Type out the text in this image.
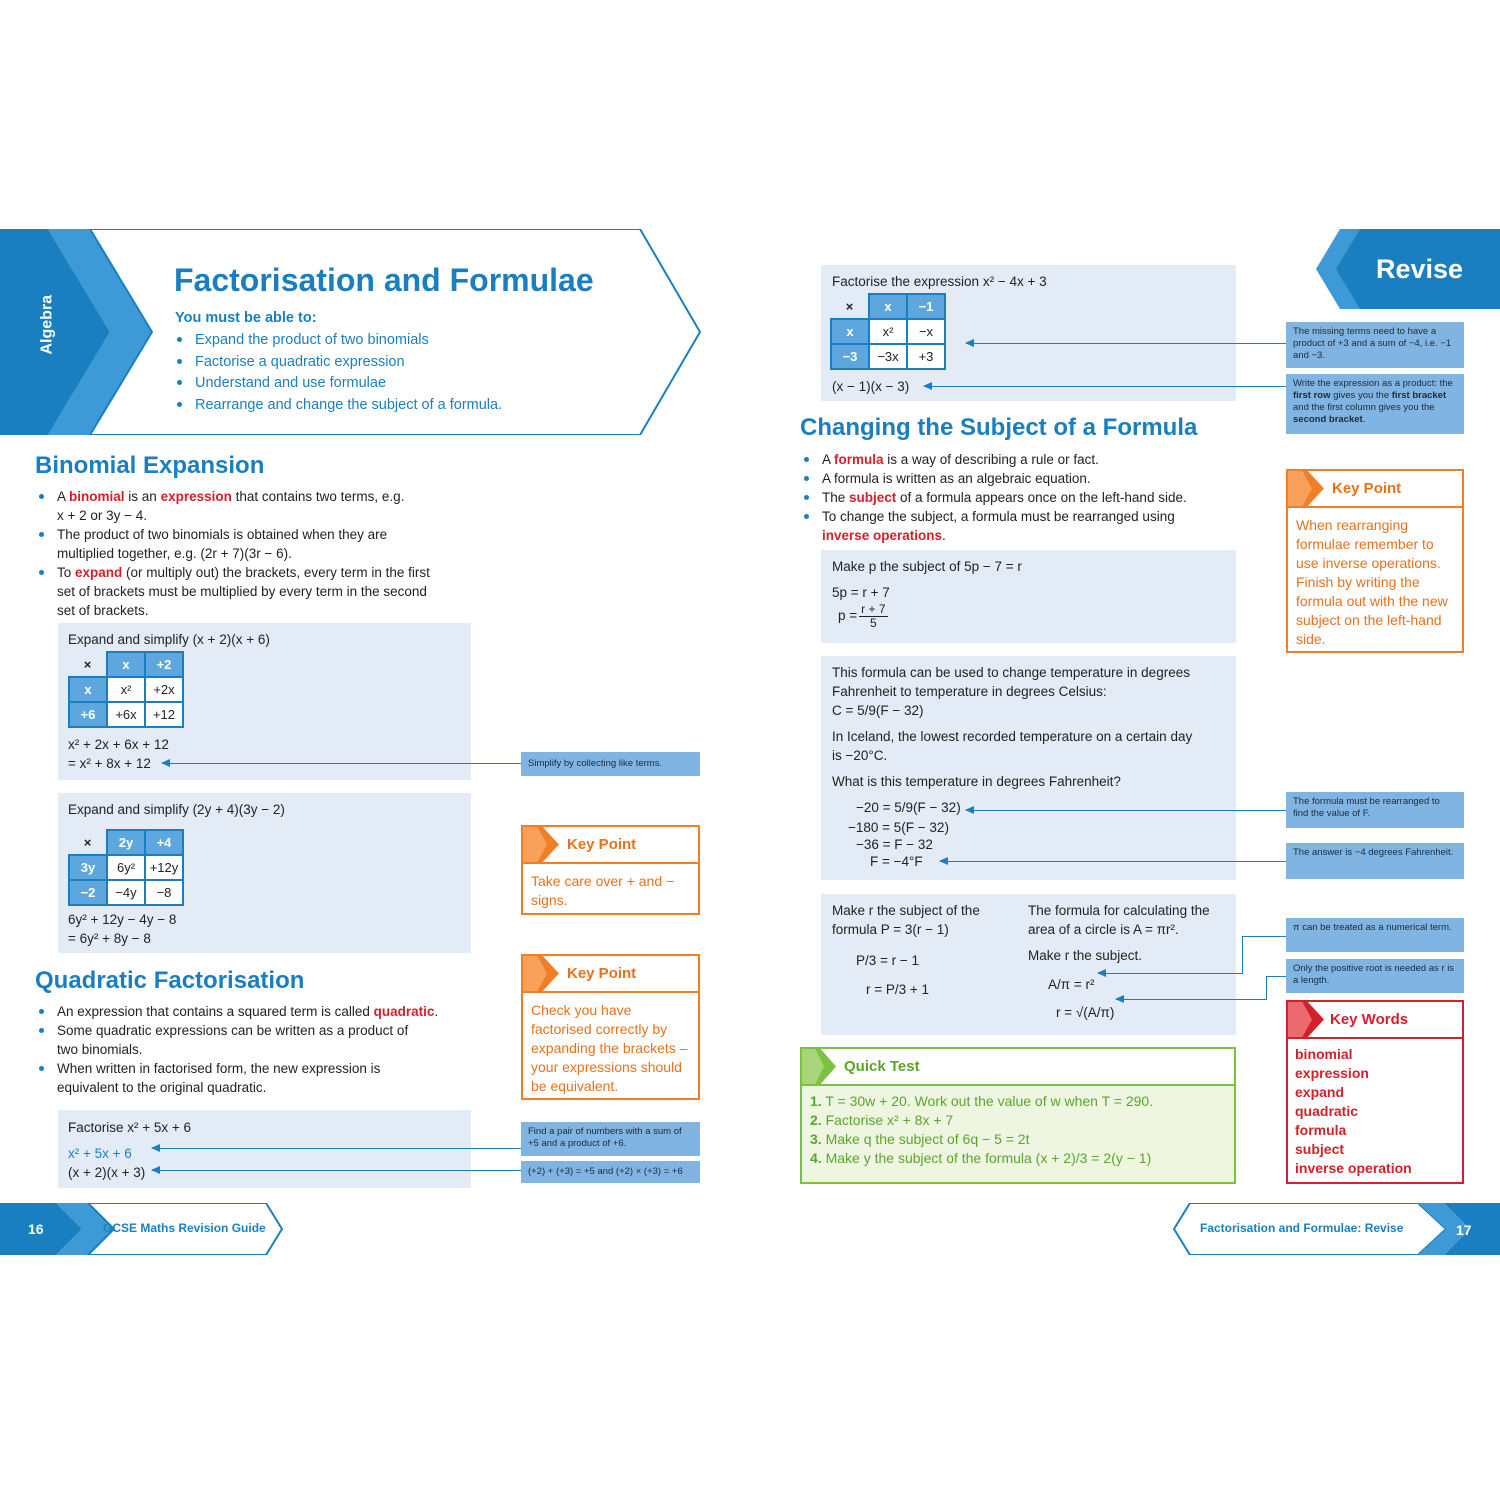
Algebra
Factorisation and Formulae
You must be able to:
Expand the product of two binomials
Factorise a quadratic expression
Understand and use formulae
Rearrange and change the subject of a formula.
Revise
Binomial Expansion
A binomial is an expression that contains two terms, e.g.
x + 2 or 3y − 4.
The product of two binomials is obtained when they are
multiplied together, e.g. (2r + 7)(3r − 6).
To expand (or multiply out) the brackets, every term in the first
set of brackets must be multiplied by every term in the second
set of brackets.
Expand and simplify (x + 2)(x + 6)
×	x	+2
x	x²	+2x
+6	+6x	+12
x² + 2x + 6x + 12
= x² + 8x + 12	Simplify by collecting like terms.
Expand and simplify (2y + 4)(3y − 2)
×	2y	+4
3y	6y²	+12y
−2	−4y	−8
6y² + 12y − 4y − 8
= 6y² + 8y − 8
Key Point
Take care over + and − signs.
Key Point
Check you have factorised correctly by expanding the brackets – your expressions should be equivalent.
Quadratic Factorisation
An expression that contains a squared term is called quadratic.
Some quadratic expressions can be written as a product of
two binomials.
When written in factorised form, the new expression is
equivalent to the original quadratic.
Factorise x² + 5x + 6
x² + 5x + 6
(x + 2)(x + 3)
Find a pair of numbers with a sum of +5 and a product of +6.
(+2) + (+3) = +5 and (+2) × (+3) = +6
Factorise the expression x² − 4x + 3
×	x	−1
x	x²	−x
−3	−3x	+3
(x − 1)(x − 3)
The missing terms need to have a product of +3 and a sum of −4, i.e. −1 and −3.
Write the expression as a product: the first row gives you the first bracket and the first column gives you the second bracket.
Changing the Subject of a Formula
A formula is a way of describing a rule or fact.
A formula is written as an algebraic equation.
The subject of a formula appears once on the left-hand side.
To change the subject, a formula must be rearranged using
inverse operations.
Make p the subject of 5p − 7 = r
5p = r + 7
$p = \frac{r + 7}{5}$
Key Point
When rearranging formulae remember to use inverse operations. Finish by writing the formula out with the new subject on the left-hand side.
This formula can be used to change temperature in degrees
Fahrenheit to temperature in degrees Celsius:
C = 5/9(F − 32)
In Iceland, the lowest recorded temperature on a certain day
is −20°C.
What is this temperature in degrees Fahrenheit?
−20 = 5/9(F − 32)
−180 = 5(F − 32)
−36 = F − 32
F = −4°F
The formula must be rearranged to find the value of F.
The answer is −4 degrees Fahrenheit.
Make r the subject of the
formula P = 3(r − 1)
P/3 = r − 1
r = P/3 + 1
The formula for calculating the
area of a circle is A = πr².
Make r the subject.
A/π = r²
r = √(A/π)
π can be treated as a numerical term.
Only the positive root is needed as r is a length.
Quick Test
1. T = 30w + 20. Work out the value of w when T = 290.
2. Factorise x² + 8x + 7
3. Make q the subject of 6q − 5 = 2t
4. Make y the subject of the formula (x + 2)/3 = 2(y − 1)
Key Words
binomial
expression
expand
quadratic
formula
subject
inverse operation
16	GCSE Maths Revision Guide	Factorisation and Formulae: Revise	17
